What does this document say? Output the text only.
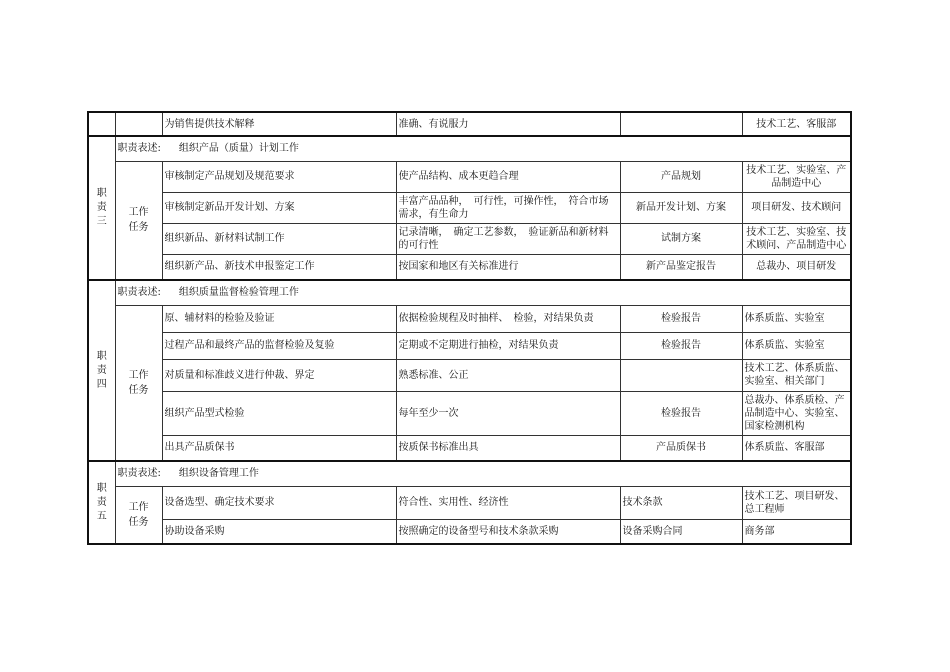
		为销售提供技术解释	准确、有说服力		技术工艺、客服部

职
责
三	职责表述: 组织产品（质量）计划工作				

	工作
任务	审核制定产品规划及规范要求	使产品结构、成本更趋合理	产品规划	技术工艺、实验室、产品制造中心
		审核制定新品开发计划、方案	丰富产品品种，　可行性，可操作性，　符合市场需求，有生命力	新品开发计划、方案	项目研发、技术顾问
		组织新品、新材料试制工作	记录清晰，　确定工艺参数，　验证新品和新材料的可行性	试制方案	技术工艺、实验室、技术顾问、产品制造中心
		组织新产品、新技术申报鉴定工作	按国家和地区有关标准进行	新产品鉴定报告	总裁办、项目研发

职
责
四	职责表述: 组织质量监督检验管理工作				

	工作
任务	原、辅材料的检验及验证	依据检验规程及时抽样、　检验，对结果负责	检验报告	体系质监、实验室
		过程产品和最终产品的监督检验及复验	定期或不定期进行抽检，对结果负责	检验报告	体系质监、实验室
		对质量和标准歧义进行仲裁、界定	熟悉标准、公正		技术工艺、体系质监、实验室、相关部门
		组织产品型式检验	每年至少一次	检验报告	总裁办、体系质检、产品制造中心、实验室、国家检测机构
		出具产品质保书	按质保书标准出具	产品质保书	体系质监、客服部

职
责
五	职责表述: 组织设备管理工作				

	工作
任务	设备选型、确定技术要求	符合性、实用性、经济性	技术条款	技术工艺、项目研发、总工程师
		协助设备采购	按照确定的设备型号和技术条款采购	设备采购合同	商务部
